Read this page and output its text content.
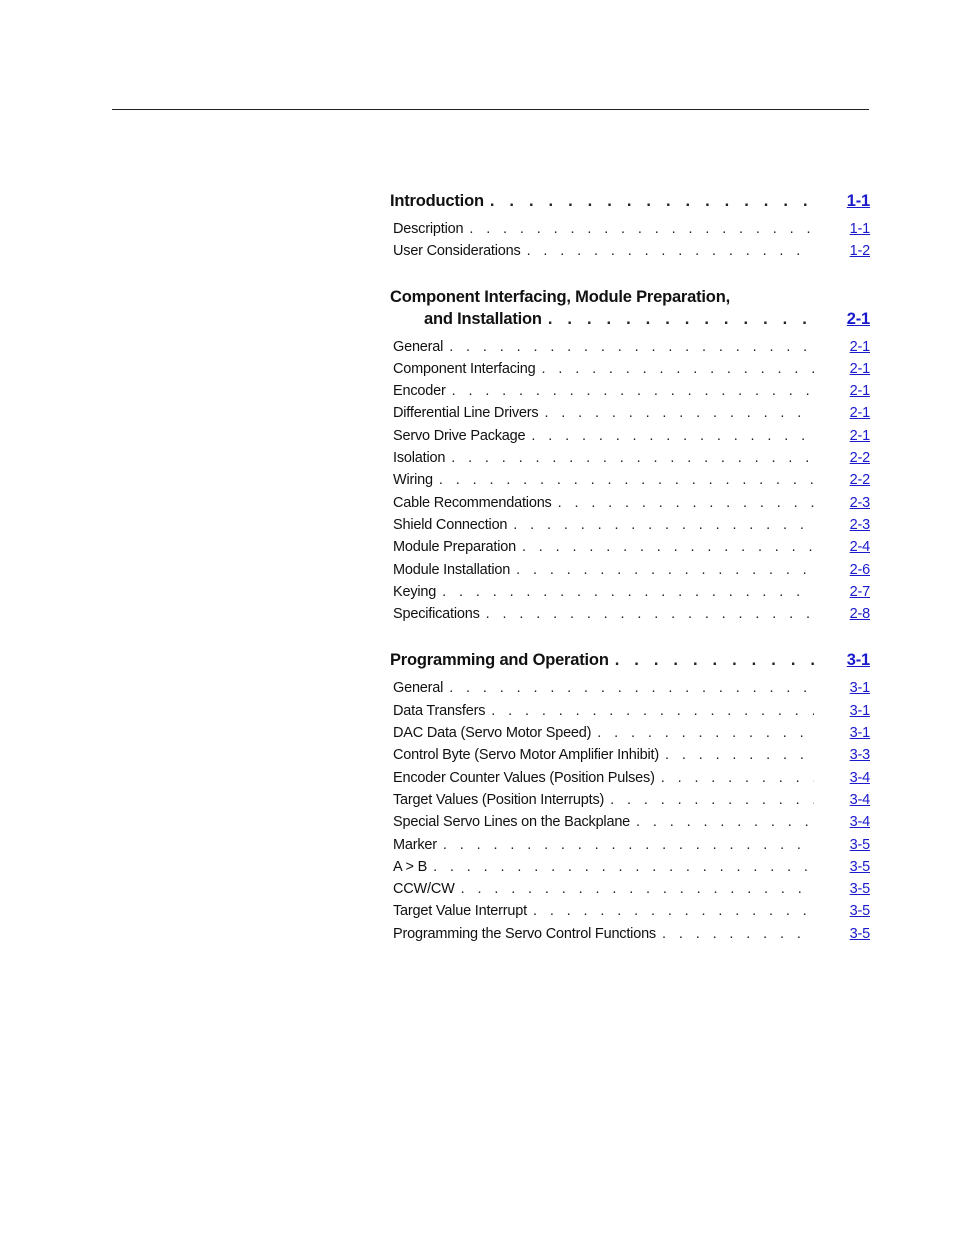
Introduction . . .	1-1
Description . . .	1-1
User Considerations . . .	1-2
Component Interfacing, Module Preparation,
and Installation . . .	2-1
General . . .	2-1
Component Interfacing . . .	2-1
Encoder . . .	2-1
Differential Line Drivers . . .	2-1
Servo Drive Package . . .	2-1
Isolation . . .	2-2
Wiring . . .	2-2
Cable Recommendations . . .	2-3
Shield Connection . . .	2-3
Module Preparation . . .	2-4
Module Installation . . .	2-6
Keying . . .	2-7
Specifications . . .	2-8
Programming and Operation . . .	3-1
General . . .	3-1
Data Transfers . . .	3-1
DAC Data (Servo Motor Speed) . . .	3-1
Control Byte (Servo Motor Amplifier Inhibit) . . .	3-3
Encoder Counter Values (Position Pulses) . . .	3-4
Target Values (Position Interrupts) . . .	3-4
Special Servo Lines on the Backplane . . .	3-4
Marker . . .	3-5
A > B . . .	3-5
CCW/CW . . .	3-5
Target Value Interrupt . . .	3-5
Programming the Servo Control Functions . . .	3-5
